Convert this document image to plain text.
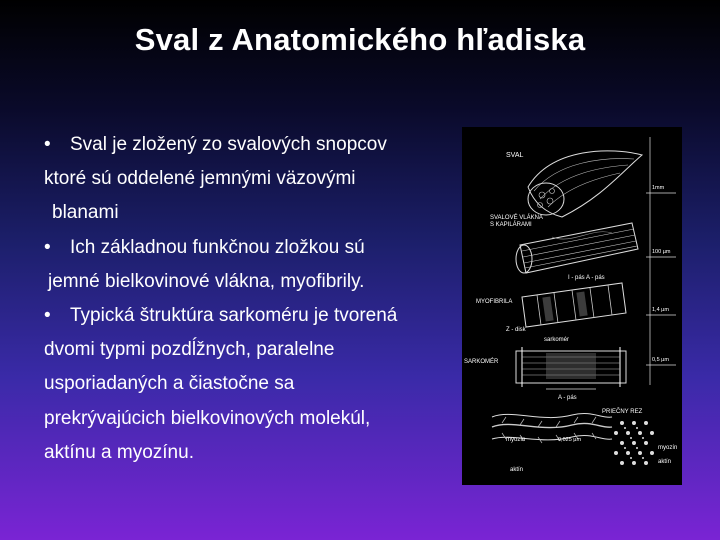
Sval z Anatomického hľadiska
• Sval je zložený zo svalových snopcov
ktoré sú oddelené jemnými väzovými
blanami
• Ich základnou funkčnou zložkou sú
jemné bielkovinové vlákna, myofibrily.
• Typická štruktúra sarkoméru je tvorená
dvomi typmi pozdĺžnych, paralelne
usporiadaných a čiastočne sa
prekrývajúcich bielkovinových molekúl,
aktínu a myozínu.
SVAL
SVALOVÉ VLÁKNA
S KAPILÁRAMI
I - pás A - pás
MYOFIBRILA
Z - disk
sarkomér
SARKOMÉR
A - pás
PRIEČNY REZ
myozín	0,025 µm
aktín
myozín
aktín
1mm
100 µm
1,4 µm
0,5 µm
